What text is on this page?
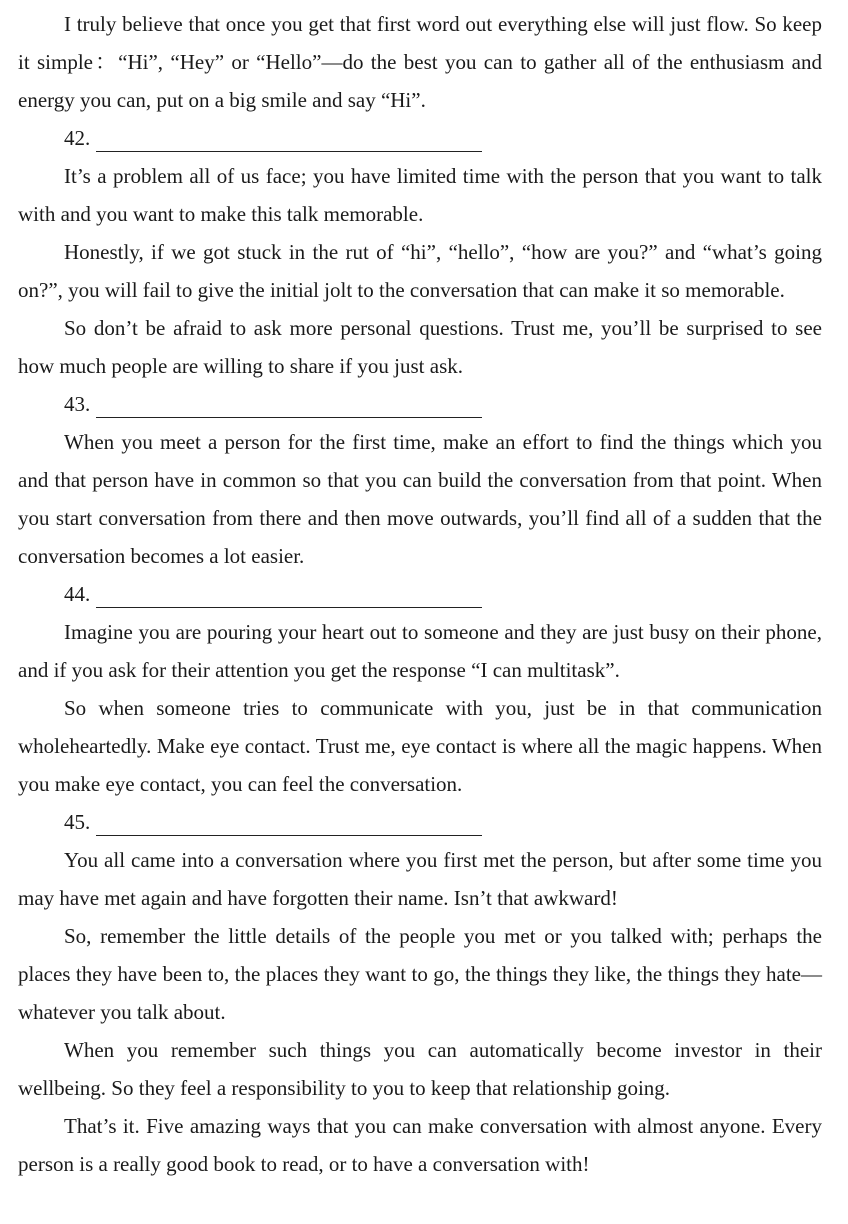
I truly believe that once you get that first word out everything else will just flow. So keep it simple：“Hi”, “Hey” or “Hello”—do the best you can to gather all of the enthusiasm and energy you can, put on a big smile and say “Hi”.

42.

It’s a problem all of us face; you have limited time with the person that you want to talk with and you want to make this talk memorable.

Honestly, if we got stuck in the rut of “hi”, “hello”, “how are you?” and “what’s going on?”, you will fail to give the initial jolt to the conversation that can make it so memorable.

So don’t be afraid to ask more personal questions. Trust me, you’ll be surprised to see how much people are willing to share if you just ask.

43.

When you meet a person for the first time, make an effort to find the things which you and that person have in common so that you can build the conversation from that point. When you start conversation from there and then move outwards, you’ll find all of a sudden that the conversation becomes a lot easier.

44.

Imagine you are pouring your heart out to someone and they are just busy on their phone, and if you ask for their attention you get the response “I can multitask”.

So when someone tries to communicate with you, just be in that communication wholeheartedly. Make eye contact. Trust me, eye contact is where all the magic happens. When you make eye contact, you can feel the conversation.

45.

You all came into a conversation where you first met the person, but after some time you may have met again and have forgotten their name. Isn’t that awkward!

So, remember the little details of the people you met or you talked with; perhaps the places they have been to, the places they want to go, the things they like, the things they hate—whatever you talk about.

When you remember such things you can automatically become investor in their wellbeing. So they feel a responsibility to you to keep that relationship going.

That’s it. Five amazing ways that you can make conversation with almost anyone. Every person is a really good book to read, or to have a conversation with!
